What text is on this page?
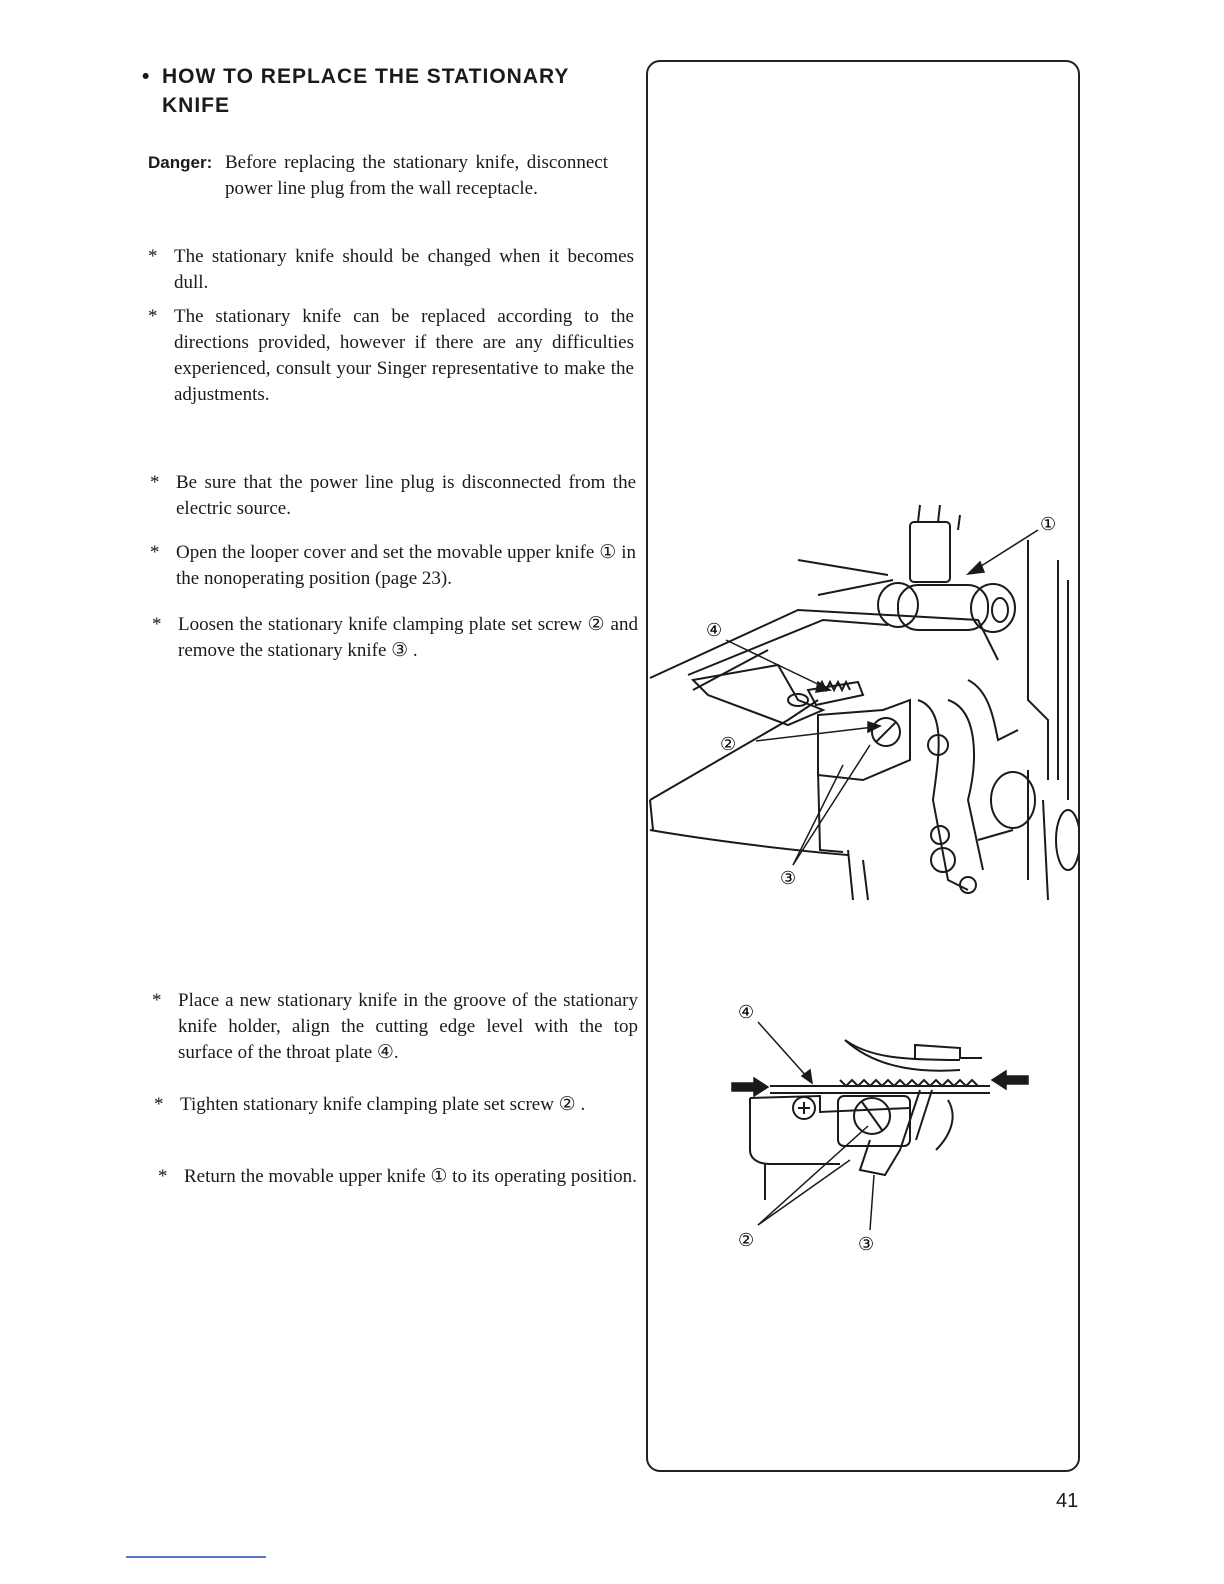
• HOW TO REPLACE THE STATIONARY
KNIFE
Danger: Before replacing the stationary knife, disconnect power line plug from the wall receptacle.
* The stationary knife should be changed when it becomes dull.
* The stationary knife can be replaced according to the directions provided, however if there are any difficulties experienced, consult your Singer representative to make the adjustments.
* Be sure that the power line plug is disconnected from the electric source.
* Open the looper cover and set the movable upper knife ① in the nonoperating position (page 23).
* Loosen the stationary knife clamping plate set screw ② and remove the stationary knife ③ .
* Place a new stationary knife in the groove of the stationary knife holder, align the cutting edge level with the top surface of the throat plate ④.
* Tighten stationary knife clamping plate set screw ② .
* Return the movable upper knife ① to its operating position.
①
④
②
③
④
②	③
41
